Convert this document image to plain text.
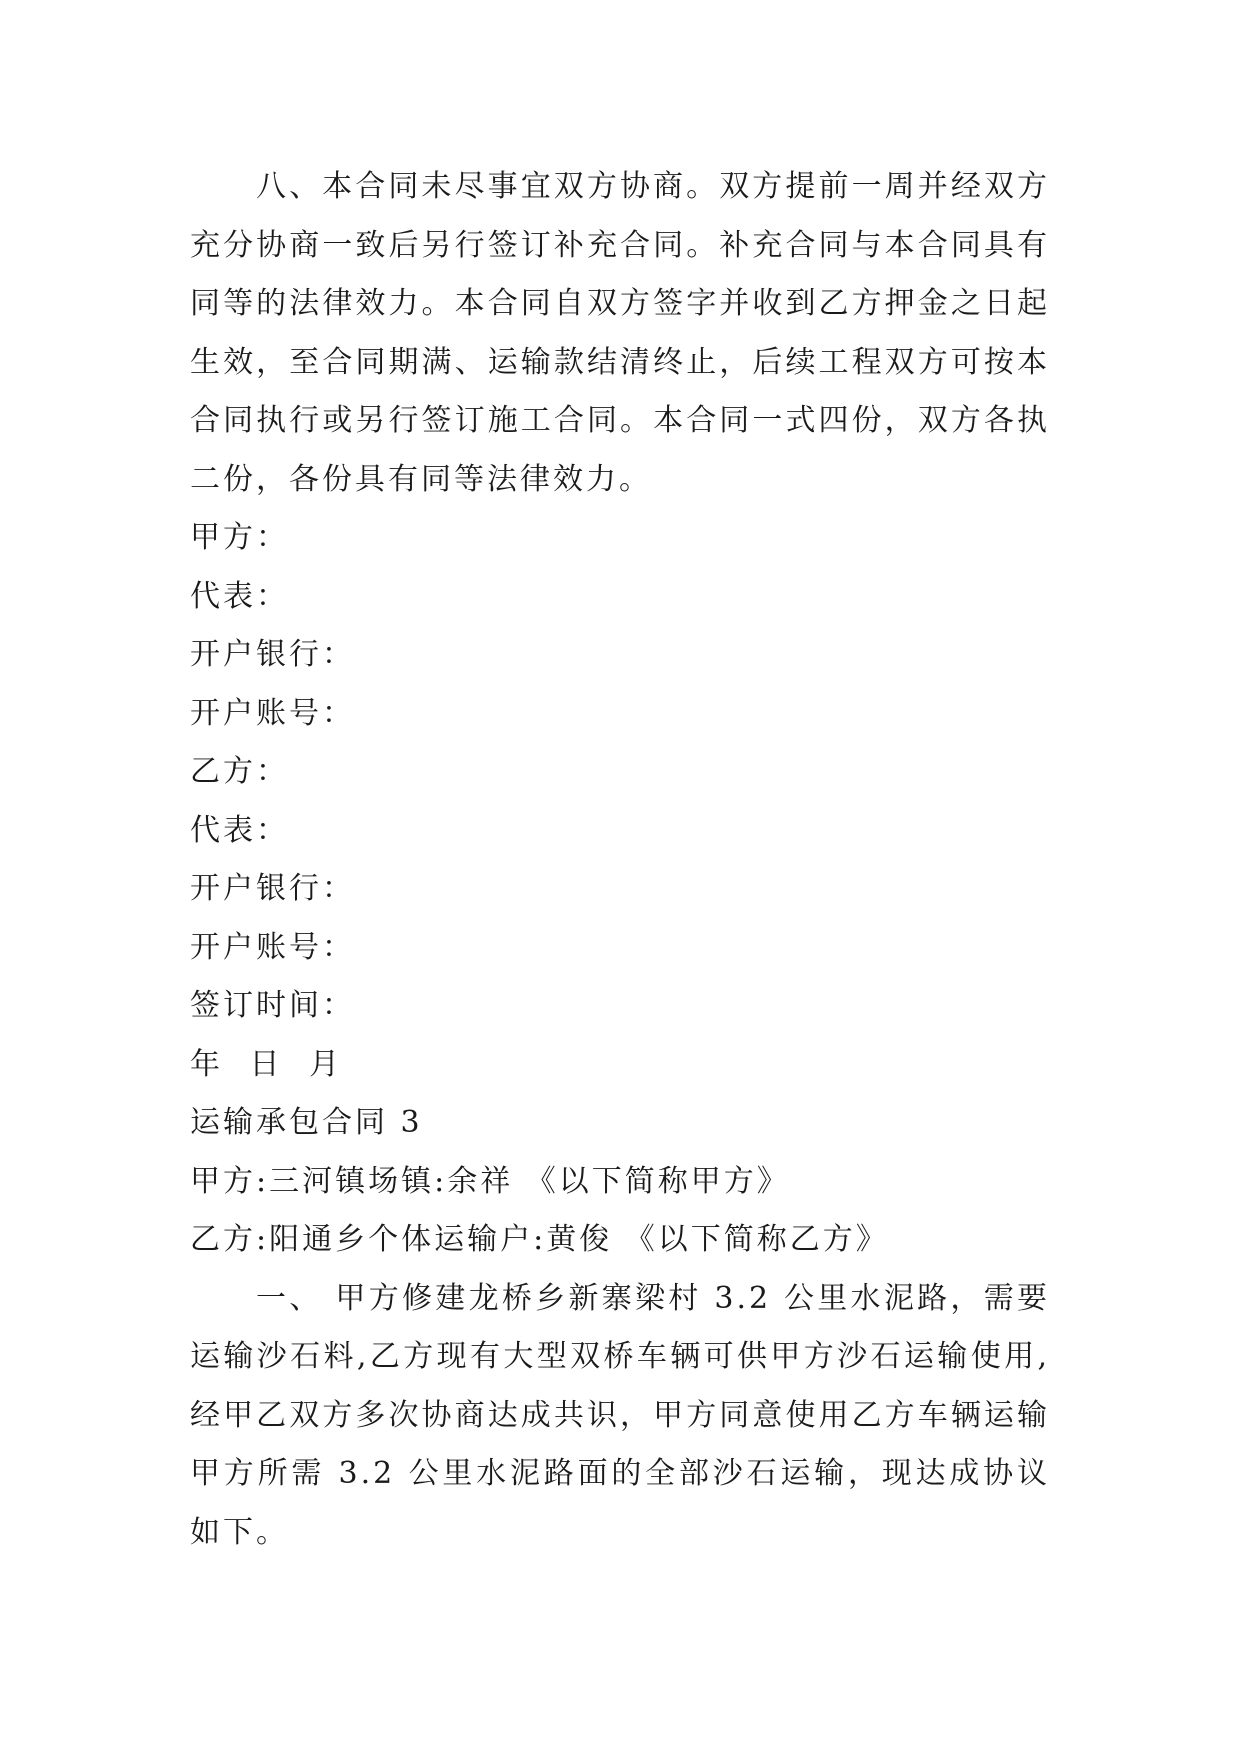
八、本合同未尽事宜双方协商。双方提前一周并经双方充分协商一致后另行签订补充合同。补充合同与本合同具有同等的法律效力。本合同自双方签字并收到乙方押金之日起生效，至合同期满、运输款结清终止，后续工程双方可按本合同执行或另行签订施工合同。本合同一式四份，双方各执二份，各份具有同等法律效力。

甲方：

代表：

开户银行：

开户账号：

乙方：

代表：

开户银行：

开户账号：

签订时间：

年 日 月

运输承包合同 3

甲方:三河镇场镇:余祥 《以下简称甲方》

乙方:阳通乡个体运输户:黄俊 《以下简称乙方》

一、 甲方修建龙桥乡新寨梁村 3.2 公里水泥路，需要运输沙石料,乙方现有大型双桥车辆可供甲方沙石运输使用,经甲乙双方多次协商达成共识，甲方同意使用乙方车辆运输甲方所需 3.2 公里水泥路面的全部沙石运输，现达成协议如下。
